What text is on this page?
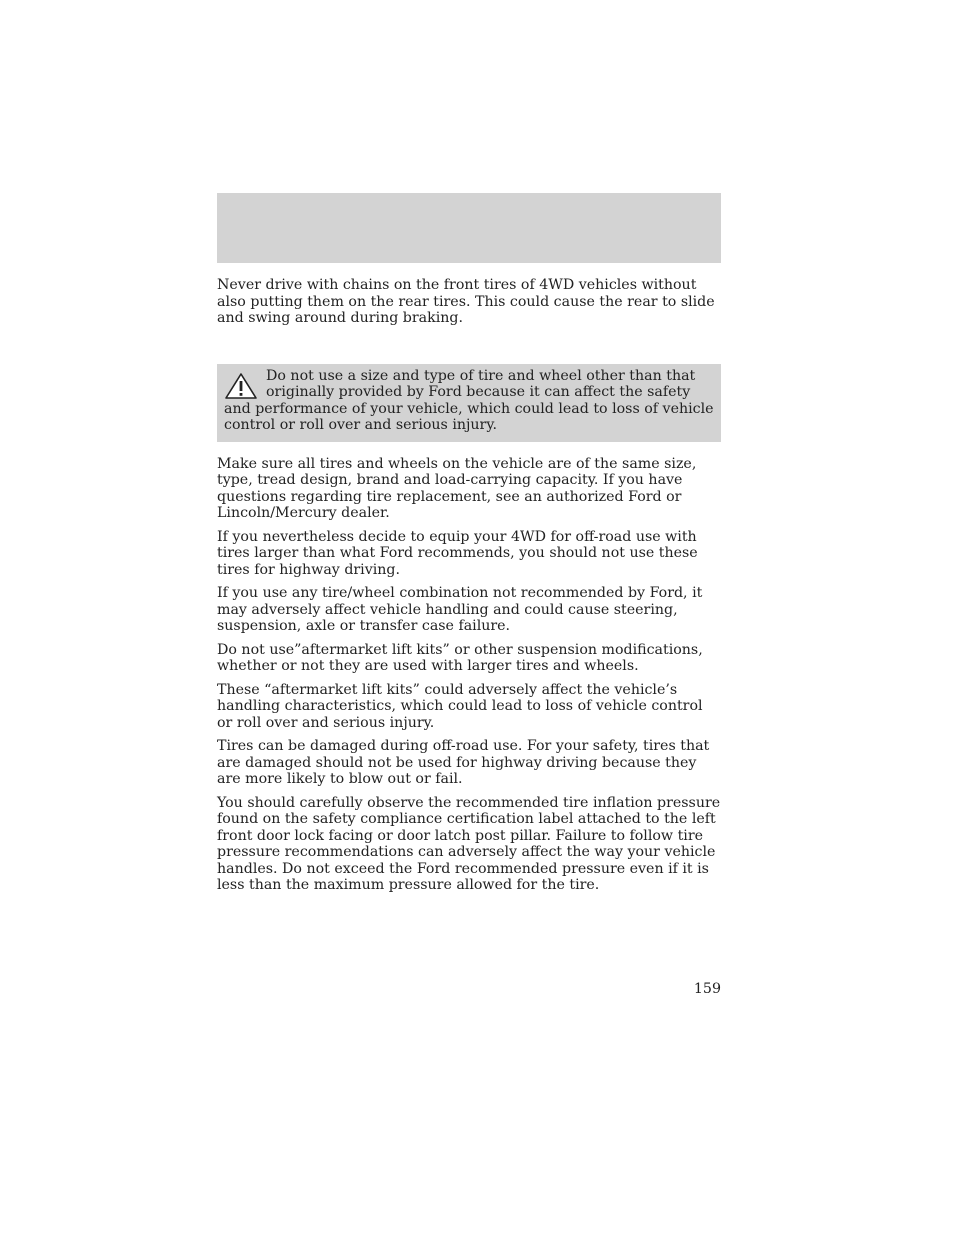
Never drive with chains on the front tires of 4WD vehicles without also putting them on the rear tires. This could cause the rear to slide and swing around during braking.

Do not use a size and type of tire and wheel other than that originally provided by Ford because it can affect the safety and performance of your vehicle, which could lead to loss of vehicle control or roll over and serious injury.

Make sure all tires and wheels on the vehicle are of the same size, type, tread design, brand and load-carrying capacity. If you have questions regarding tire replacement, see an authorized Ford or Lincoln/Mercury dealer.

If you nevertheless decide to equip your 4WD for off-road use with tires larger than what Ford recommends, you should not use these tires for highway driving.

If you use any tire/wheel combination not recommended by Ford, it may adversely affect vehicle handling and could cause steering, suspension, axle or transfer case failure.

Do not use”aftermarket lift kits” or other suspension modifications, whether or not they are used with larger tires and wheels.

These “aftermarket lift kits” could adversely affect the vehicle’s handling characteristics, which could lead to loss of vehicle control or roll over and serious injury.

Tires can be damaged during off-road use. For your safety, tires that are damaged should not be used for highway driving because they are more likely to blow out or fail.

You should carefully observe the recommended tire inflation pressure found on the safety compliance certification label attached to the left front door lock facing or door latch post pillar. Failure to follow tire pressure recommendations can adversely affect the way your vehicle handles. Do not exceed the Ford recommended pressure even if it is less than the maximum pressure allowed for the tire.

159
